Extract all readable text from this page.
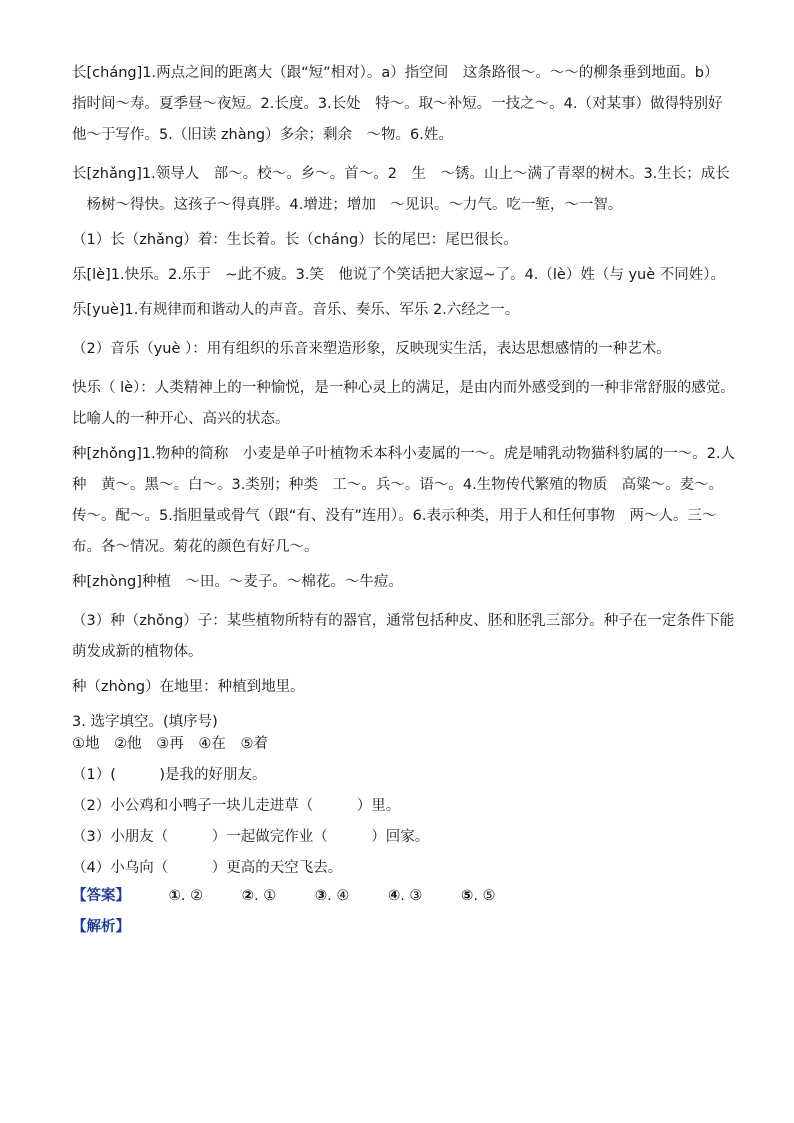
长[cháng]1.两点之间的距离大（跟“短”相对）。a）指空间　这条路很～。～～的柳条垂到地面。b）

指时间～寿。夏季昼～夜短。2.长度。3.长处　特～。取～补短。一技之～。4.（对某事）做得特别好

他～于写作。5.（旧读 zhàng）多余；剩余　～物。6.姓。

长[zhǎng]1.领导人　部～。校～。乡～。首～。2　生　～锈。山上～满了青翠的树木。3.生长；成长

　杨树～得快。这孩子～得真胖。4.增进；增加　～见识。～力气。吃一堑，～一智。

（1）长（zhǎng）着：生长着。长（cháng）长的尾巴：尾巴很长。

乐[lè]1.快乐。2.乐于　~此不疲。3.笑　他说了个笑话把大家逗~了。4.（lè）姓（与 yuè 不同姓）。

乐[yuè]1.有规律而和谐动人的声音。音乐、奏乐、军乐 2.六经之一。

（2）音乐（yuè ）：用有组织的乐音来塑造形象，反映现实生活，表达思想感情的一种艺术。

快乐（ lè）：人类精神上的一种愉悦，是一种心灵上的满足，是由内而外感受到的一种非常舒服的感觉。

比喻人的一种开心、高兴的状态。

种[zhǒng]1.物种的简称　小麦是单子叶植物禾本科小麦属的一～。虎是哺乳动物猫科豹属的一～。2.人

种　黄～。黑～。白～。3.类别；种类　工～。兵～。语～。4.生物传代繁殖的物质　高粱～。麦～。

传～。配～。5.指胆量或骨气（跟“有、没有”连用）。6.表示种类，用于人和任何事物　两～人。三～

布。各～情况。菊花的颜色有好几～。

种[zhòng]种植　～田。～麦子。～棉花。～牛痘。

（3）种（zhǒng）子：某些植物所特有的器官，通常包括种皮、胚和胚乳三部分。种子在一定条件下能

萌发成新的植物体。

种（zhòng）在地里：种植到地里。

3. 选字填空。(填序号)

①地 ②他 ③再 ④在 ⑤着

（1）(　　　)是我的好朋友。

（2）小公鸡和小鸭子一块儿走进草（　　　）里。

（3）小朋友（　　　）一起做完作业（　　　）回家。

（4）小乌向（　　　）更高的天空飞去。

【答案】	①. ②	②. ①	③. ④	④. ③	⑤. ⑤

【解析】
